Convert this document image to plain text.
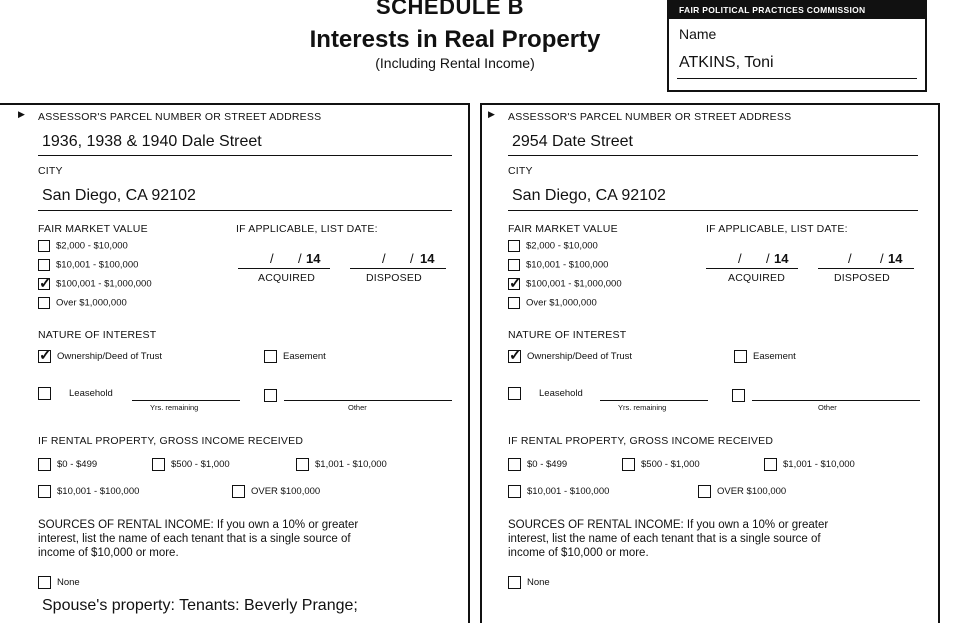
SCHEDULE B
Interests in Real Property
(Including Rental Income)
FAIR POLITICAL PRACTICES COMMISSION
Name
ATKINS, Toni
▶ ASSESSOR'S PARCEL NUMBER OR STREET ADDRESS
1936, 1938 & 1940 Dale Street
CITY
San Diego, CA 92102
FAIR MARKET VALUE	IF APPLICABLE, LIST DATE:
$2,000 - $10,000
$10,001 - $100,000
✓$100,001 - $1,000,000
Over $1,000,000
/ / 14
ACQUIRED
/ / 14
DISPOSED
NATURE OF INTEREST
✓Ownership/Deed of Trust	Easement
Leasehold
Yrs. remaining	Other
IF RENTAL PROPERTY, GROSS INCOME RECEIVED
$0 - $499	$500 - $1,000	$1,001 - $10,000
$10,001 - $100,000	OVER $100,000
SOURCES OF RENTAL INCOME: If you own a 10% or greater
interest, list the name of each tenant that is a single source of
income of $10,000 or more.
None
Spouse's property: Tenants: Beverly Prange;
▶ ASSESSOR'S PARCEL NUMBER OR STREET ADDRESS
2954 Date Street
CITY
San Diego, CA 92102
FAIR MARKET VALUE	IF APPLICABLE, LIST DATE:
$2,000 - $10,000
$10,001 - $100,000
✓$100,001 - $1,000,000
Over $1,000,000
/ / 14
ACQUIRED
/ / 14
DISPOSED
NATURE OF INTEREST
✓Ownership/Deed of Trust	Easement
Leasehold
Yrs. remaining	Other
IF RENTAL PROPERTY, GROSS INCOME RECEIVED
$0 - $499	$500 - $1,000	$1,001 - $10,000
$10,001 - $100,000	OVER $100,000
SOURCES OF RENTAL INCOME: If you own a 10% or greater
interest, list the name of each tenant that is a single source of
income of $10,000 or more.
None
